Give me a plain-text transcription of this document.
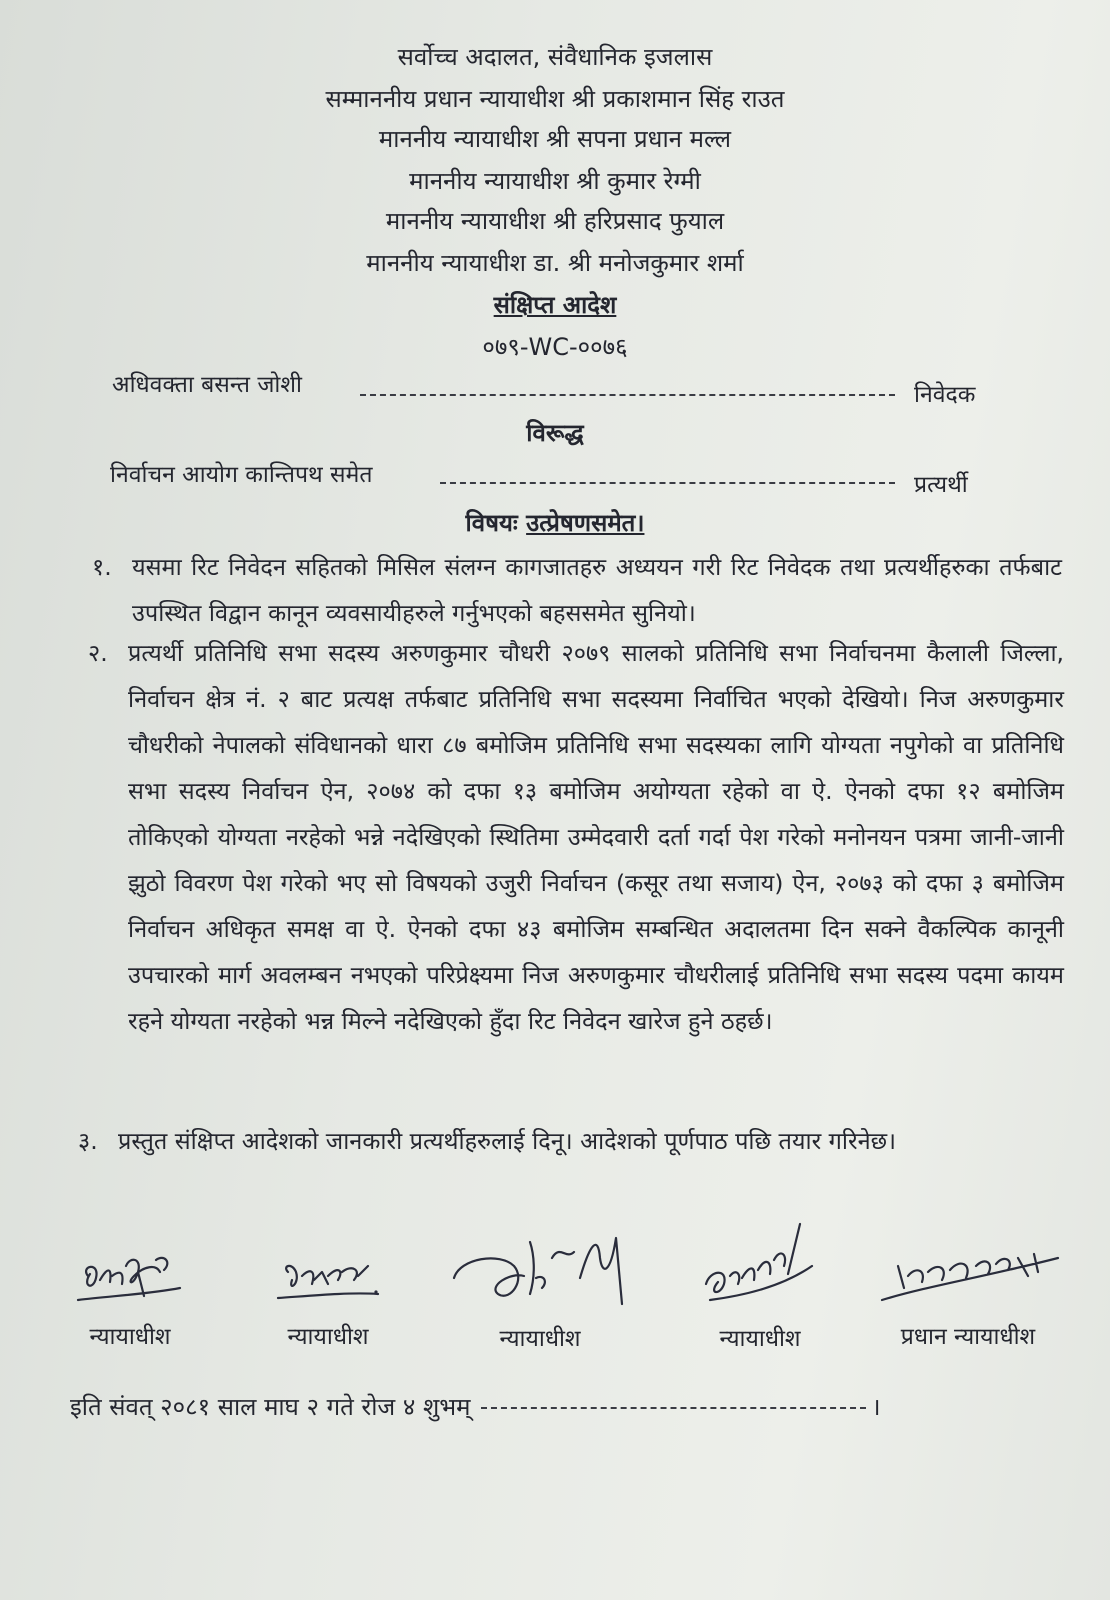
सर्वोच्च अदालत, संवैधानिक इजलास
सम्माननीय प्रधान न्यायाधीश श्री प्रकाशमान सिंह राउत
माननीय न्यायाधीश श्री सपना प्रधान मल्ल
माननीय न्यायाधीश श्री कुमार रेग्मी
माननीय न्यायाधीश श्री हरिप्रसाद फुयाल
माननीय न्यायाधीश डा. श्री मनोजकुमार शर्मा
संक्षिप्त आदेश
०७९-WC-००७६
अधिवक्ता बसन्त जोशी	निवेदक
विरूद्ध
निर्वाचन आयोग कान्तिपथ समेत	प्रत्यर्थी
विषयः उत्प्रेषणसमेत।
१. यसमा रिट निवेदन सहितको मिसिल संलग्न कागजातहरु अध्ययन गरी रिट निवेदक तथा प्रत्यर्थीहरुका तर्फबाट उपस्थित विद्वान कानून व्यवसायीहरुले गर्नुभएको बहससमेत सुनियो।
२. प्रत्यर्थी प्रतिनिधि सभा सदस्य अरुणकुमार चौधरी २०७९ सालको प्रतिनिधि सभा निर्वाचनमा कैलाली जिल्ला, निर्वाचन क्षेत्र नं. २ बाट प्रत्यक्ष तर्फबाट प्रतिनिधि सभा सदस्यमा निर्वाचित भएको देखियो। निज अरुणकुमार चौधरीको नेपालको संविधानको धारा ८७ बमोजिम प्रतिनिधि सभा सदस्यका लागि योग्यता नपुगेको वा प्रतिनिधि सभा सदस्य निर्वाचन ऐन, २०७४ को दफा १३ बमोजिम अयोग्यता रहेको वा ऐ. ऐनको दफा १२ बमोजिम तोकिएको योग्यता नरहेको भन्ने नदेखिएको स्थितिमा उम्मेदवारी दर्ता गर्दा पेश गरेको मनोनयन पत्रमा जानी-जानी झुठो विवरण पेश गरेको भए सो विषयको उजुरी निर्वाचन (कसूर तथा सजाय) ऐन, २०७३ को दफा ३ बमोजिम निर्वाचन अधिकृत समक्ष वा ऐ. ऐनको दफा ४३ बमोजिम सम्बन्धित अदालतमा दिन सक्ने वैकल्पिक कानूनी उपचारको मार्ग अवलम्बन नभएको परिप्रेक्ष्यमा निज अरुणकुमार चौधरीलाई प्रतिनिधि सभा सदस्य पदमा कायम रहने योग्यता नरहेको भन्न मिल्ने नदेखिएको हुँदा रिट निवेदन खारेज हुने ठहर्छ।
३. प्रस्तुत संक्षिप्त आदेशको जानकारी प्रत्यर्थीहरुलाई दिनू। आदेशको पूर्णपाठ पछि तयार गरिनेछ।
न्यायाधीश	न्यायाधीश	न्यायाधीश	न्यायाधीश	प्रधान न्यायाधीश
इति संवत् २०८१ साल माघ २ गते रोज ४ शुभम्	।
